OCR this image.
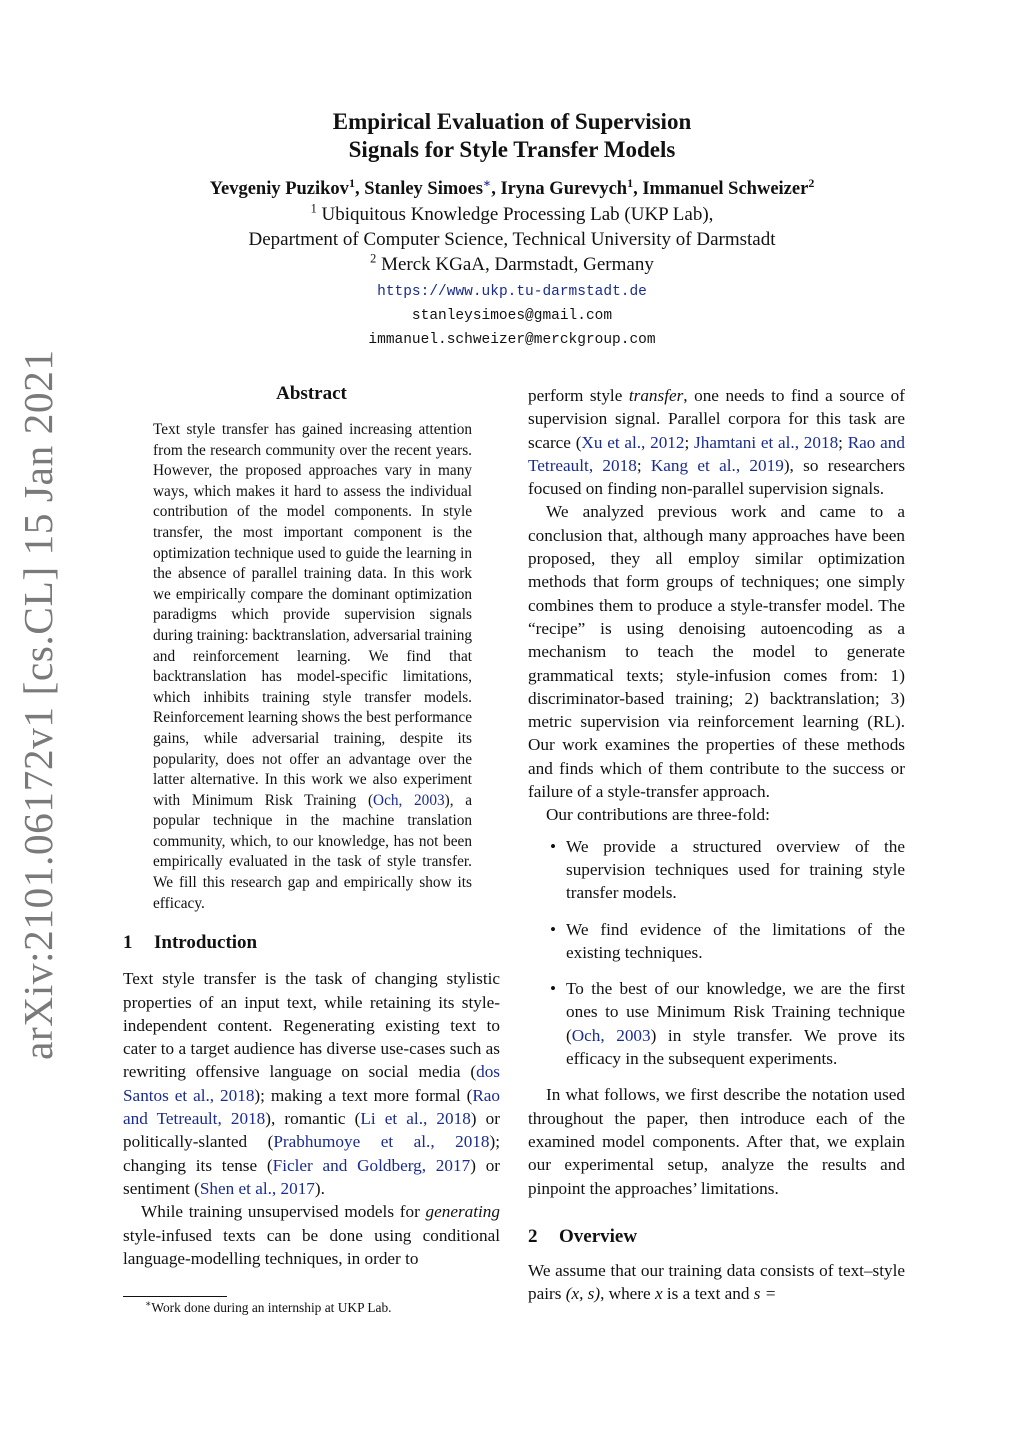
arXiv:2101.06172v1 [cs.CL] 15 Jan 2021
Empirical Evaluation of Supervision
Signals for Style Transfer Models
Yevgeniy Puzikov$^1$, Stanley Simoes∗, Iryna Gurevych$^1$, Immanuel Schweizer$^2$
$^1$ Ubiquitous Knowledge Processing Lab (UKP Lab),
Department of Computer Science, Technical University of Darmstadt
$^2$ Merck KGaA, Darmstadt, Germany
https://www.ukp.tu-darmstadt.de
stanleysimoes@gmail.com
immanuel.schweizer@merckgroup.com
Abstract

Text style transfer has gained increasing attention from the research community over the recent years. However, the proposed approaches vary in many ways, which makes it hard to assess the individual contribution of the model components. In style transfer, the most important component is the optimization technique used to guide the learning in the absence of parallel training data. In this work we empirically compare the dominant optimization paradigms which provide supervision signals during training: backtranslation, adversarial training and reinforcement learning. We find that backtranslation has model-specific limitations, which inhibits training style transfer models. Reinforcement learning shows the best performance gains, while adversarial training, despite its popularity, does not offer an advantage over the latter alternative. In this work we also experiment with Minimum Risk Training (Och, 2003), a popular technique in the machine translation community, which, to our knowledge, has not been empirically evaluated in the task of style transfer. We fill this research gap and empirically show its efficacy.

1 Introduction

Text style transfer is the task of changing stylistic properties of an input text, while retaining its style-independent content. Regenerating existing text to cater to a target audience has diverse use-cases such as rewriting offensive language on social media (dos Santos et al., 2018); making a text more formal (Rao and Tetreault, 2018), romantic (Li et al., 2018) or politically-slanted (Prabhumoye et al., 2018); changing its tense (Ficler and Goldberg, 2017) or sentiment (Shen et al., 2017).

While training unsupervised models for generating style-infused texts can be done using conditional language-modelling techniques, in order to

perform style transfer, one needs to find a source of supervision signal. Parallel corpora for this task are scarce (Xu et al., 2012; Jhamtani et al., 2018; Rao and Tetreault, 2018; Kang et al., 2019), so researchers focused on finding non-parallel supervision signals.

We analyzed previous work and came to a conclusion that, although many approaches have been proposed, they all employ similar optimization methods that form groups of techniques; one simply combines them to produce a style-transfer model. The “recipe” is using denoising autoencoding as a mechanism to teach the model to generate grammatical texts; style-infusion comes from: 1) discriminator-based training; 2) backtranslation; 3) metric supervision via reinforcement learning (RL). Our work examines the properties of these methods and finds which of them contribute to the success or failure of a style-transfer approach.

Our contributions are three-fold:

• We provide a structured overview of the supervision techniques used for training style transfer models.
• We find evidence of the limitations of the existing techniques.
• To the best of our knowledge, we are the first ones to use Minimum Risk Training technique (Och, 2003) in style transfer. We prove its efficacy in the subsequent experiments.

In what follows, we first describe the notation used throughout the paper, then introduce each of the examined model components. After that, we explain our experimental setup, analyze the results and pinpoint the approaches’ limitations.

2 Overview

We assume that our training data consists of text–style pairs (x, s), where x is a text and s =

∗Work done during an internship at UKP Lab.
